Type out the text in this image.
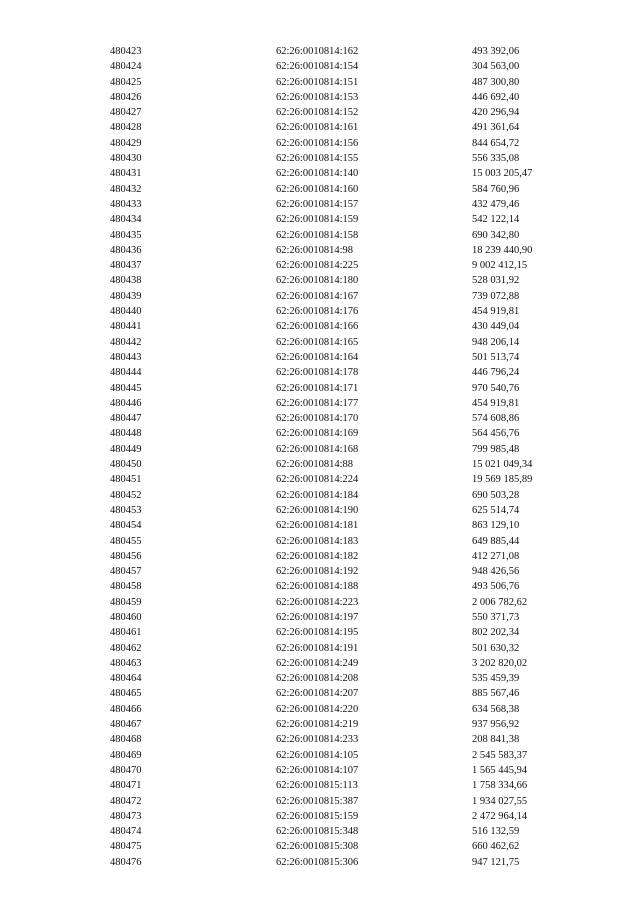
480423	62:26:0010814:162	493 392,06
480424	62:26:0010814:154	304 563,00
480425	62:26:0010814:151	487 300,80
480426	62:26:0010814:153	446 692,40
480427	62:26:0010814:152	420 296,94
480428	62:26:0010814:161	491 361,64
480429	62:26:0010814:156	844 654,72
480430	62:26:0010814:155	556 335,08
480431	62:26:0010814:140	15 003 205,47
480432	62:26:0010814:160	584 760,96
480433	62:26:0010814:157	432 479,46
480434	62:26:0010814:159	542 122,14
480435	62:26:0010814:158	690 342,80
480436	62:26:0010814:98	18 239 440,90
480437	62:26:0010814:225	9 002 412,15
480438	62:26:0010814:180	528 031,92
480439	62:26:0010814:167	739 072,88
480440	62:26:0010814:176	454 919,81
480441	62:26:0010814:166	430 449,04
480442	62:26:0010814:165	948 206,14
480443	62:26:0010814:164	501 513,74
480444	62:26:0010814:178	446 796,24
480445	62:26:0010814:171	970 540,76
480446	62:26:0010814:177	454 919,81
480447	62:26:0010814:170	574 608,86
480448	62:26:0010814:169	564 456,76
480449	62:26:0010814:168	799 985,48
480450	62:26:0010814:88	15 021 049,34
480451	62:26:0010814:224	19 569 185,89
480452	62:26:0010814:184	690 503,28
480453	62:26:0010814:190	625 514,74
480454	62:26:0010814:181	863 129,10
480455	62:26:0010814:183	649 885,44
480456	62:26:0010814:182	412 271,08
480457	62:26:0010814:192	948 426,56
480458	62:26:0010814:188	493 506,76
480459	62:26:0010814:223	2 006 782,62
480460	62:26:0010814:197	550 371,73
480461	62:26:0010814:195	802 202,34
480462	62:26:0010814:191	501 630,32
480463	62:26:0010814:249	3 202 820,02
480464	62:26:0010814:208	535 459,39
480465	62:26:0010814:207	885 567,46
480466	62:26:0010814:220	634 568,38
480467	62:26:0010814:219	937 956,92
480468	62:26:0010814:233	208 841,38
480469	62:26:0010814:105	2 545 583,37
480470	62:26:0010814:107	1 565 445,94
480471	62:26:0010815:113	1 758 334,66
480472	62:26:0010815:387	1 934 027,55
480473	62:26:0010815:159	2 472 964,14
480474	62:26:0010815:348	516 132,59
480475	62:26:0010815:308	660 462,62
480476	62:26:0010815:306	947 121,75
